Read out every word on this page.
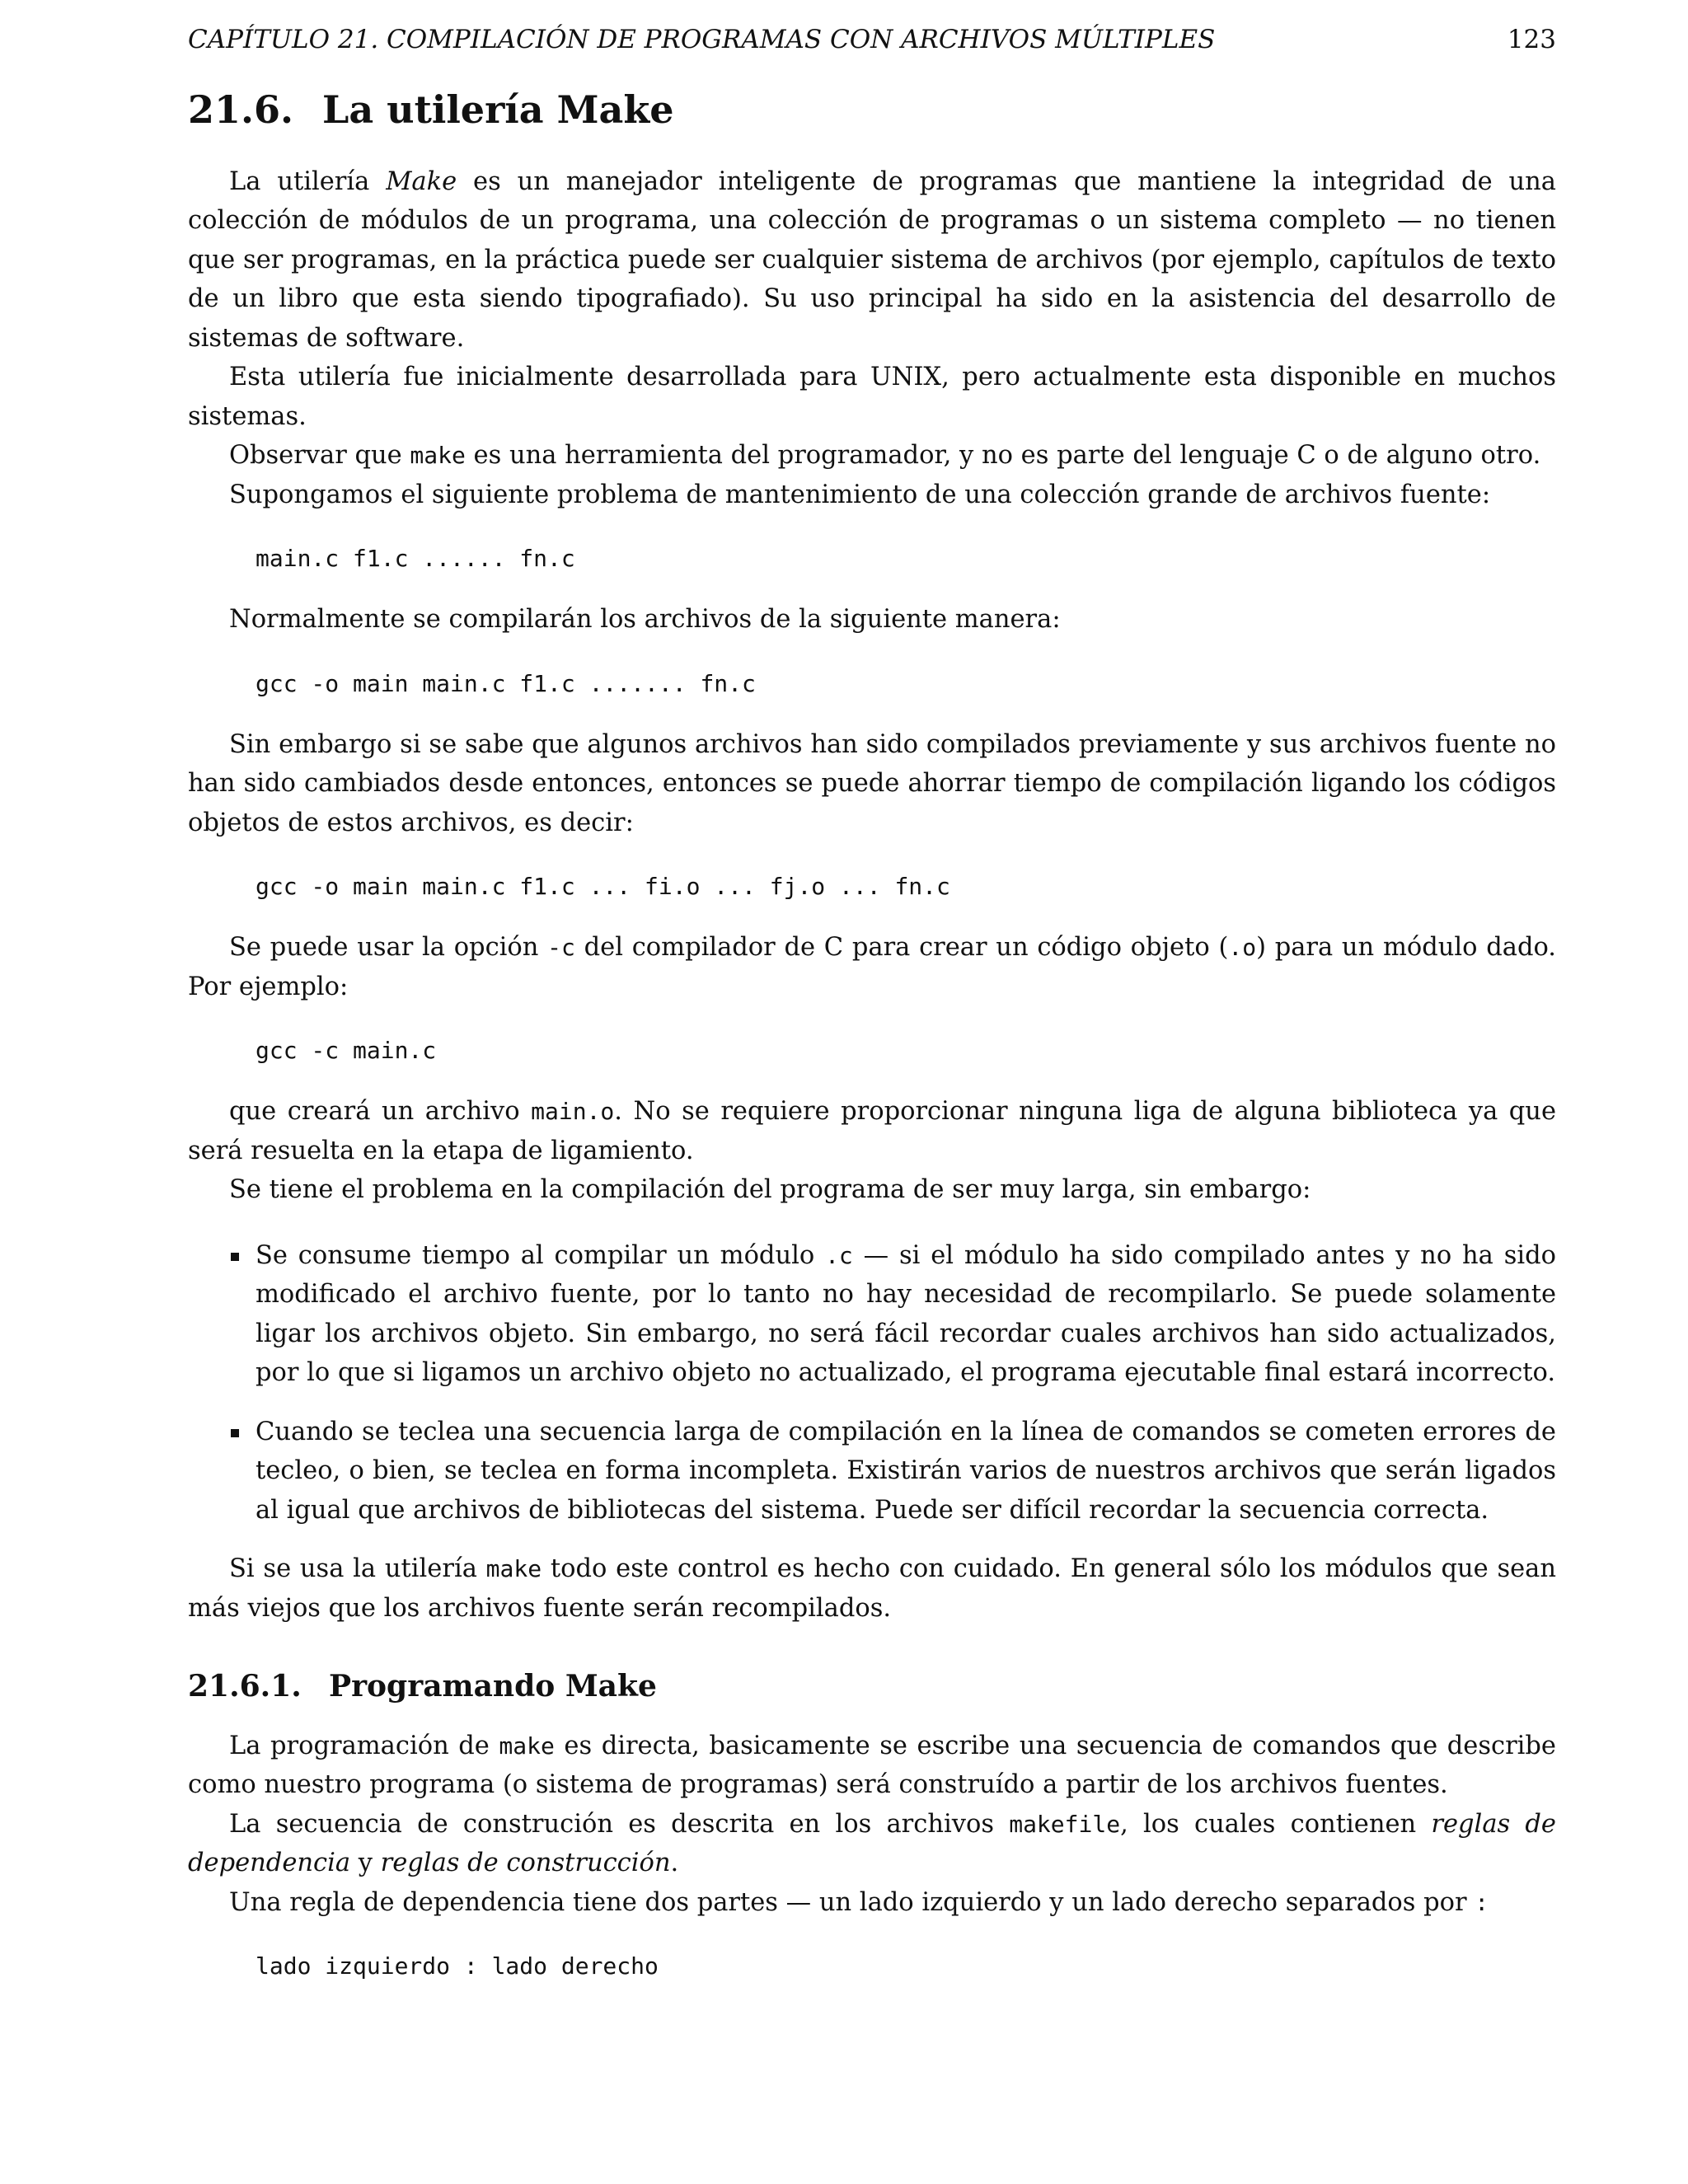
CAPÍTULO 21. COMPILACIÓN DE PROGRAMAS CON ARCHIVOS MÚLTIPLES	123
21.6. La utilería Make

La utilería Make es un manejador inteligente de programas que mantiene la integridad de una colección de módulos de un programa, una colección de programas o un sistema completo — no tienen que ser programas, en la práctica puede ser cualquier sistema de archivos (por ejemplo, capítulos de texto de un libro que esta siendo tipografiado). Su uso principal ha sido en la asistencia del desarrollo de sistemas de software.

Esta utilería fue inicialmente desarrollada para UNIX, pero actualmente esta disponible en muchos sistemas.

Observar que make es una herramienta del programador, y no es parte del lenguaje C o de alguno otro.

Supongamos el siguiente problema de mantenimiento de una colección grande de archivos fuente:

main.c f1.c ...... fn.c

Normalmente se compilarán los archivos de la siguiente manera:

gcc -o main main.c f1.c ....... fn.c

Sin embargo si se sabe que algunos archivos han sido compilados previamente y sus archivos fuente no han sido cambiados desde entonces, entonces se puede ahorrar tiempo de compilación ligando los códigos objetos de estos archivos, es decir:

gcc -o main main.c f1.c ... fi.o ... fj.o ... fn.c

Se puede usar la opción -c del compilador de C para crear un código objeto (.o) para un módulo dado. Por ejemplo:

gcc -c main.c

que creará un archivo main.o. No se requiere proporcionar ninguna liga de alguna biblioteca ya que será resuelta en la etapa de ligamiento.

Se tiene el problema en la compilación del programa de ser muy larga, sin embargo:

Se consume tiempo al compilar un módulo .c — si el módulo ha sido compilado antes y no ha sido modificado el archivo fuente, por lo tanto no hay necesidad de recompilarlo. Se puede solamente ligar los archivos objeto. Sin embargo, no será fácil recordar cuales archivos han sido actualizados, por lo que si ligamos un archivo objeto no actualizado, el programa ejecutable final estará incorrecto.
Cuando se teclea una secuencia larga de compilación en la línea de comandos se cometen errores de tecleo, o bien, se teclea en forma incompleta. Existirán varios de nuestros archivos que serán ligados al igual que archivos de bibliotecas del sistema. Puede ser difícil recordar la secuencia correcta.

Si se usa la utilería make todo este control es hecho con cuidado. En general sólo los módulos que sean más viejos que los archivos fuente serán recompilados.

21.6.1. Programando Make

La programación de make es directa, basicamente se escribe una secuencia de comandos que describe como nuestro programa (o sistema de programas) será construído a partir de los archivos fuentes.

La secuencia de construción es descrita en los archivos makefile, los cuales contienen reglas de dependencia y reglas de construcción.

Una regla de dependencia tiene dos partes — un lado izquierdo y un lado derecho separados por :

lado izquierdo : lado derecho
